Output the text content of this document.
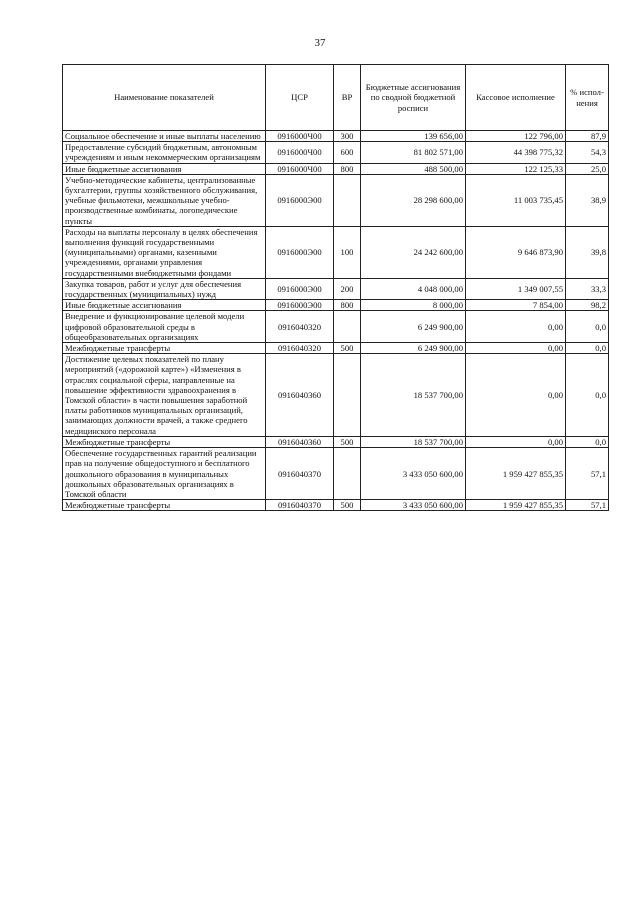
37
Наименование показателей	ЦСР	ВР	Бюджетные ассигнования по сводной бюджетной росписи	Кассовое исполнение	% испол-нения
Социальное обеспечение и иные выплаты населению	0916000Ч00	300	139 656,00	122 796,00	87,9
Предоставление субсидий бюджетным, автономным учреждениям и иным некоммерческим организациям	0916000Ч00	600	81 802 571,00	44 398 775,32	54,3
Иные бюджетные ассигнования	0916000Ч00	800	488 500,00	122 125,33	25,0
Учебно-методические кабинеты, централизованные бухгалтерии, группы хозяйственного обслуживания, учебные фильмотеки, межшкольные учебно-производственные комбинаты, логопедические пункты	0916000Э00		28 298 600,00	11 003 735,45	38,9
Расходы на выплаты персоналу в целях обеспечения выполнения функций государственными (муниципальными) органами, казенными учреждениями, органами управления государственными внебюджетными фондами	0916000Э00	100	24 242 600,00	9 646 873,90	39,8
Закупка товаров, работ и услуг для обеспечения государственных (муниципальных) нужд	0916000Э00	200	4 048 000,00	1 349 007,55	33,3
Иные бюджетные ассигнования	0916000Э00	800	8 000,00	7 854,00	98,2
Внедрение и функционирование целевой модели цифровой образовательной среды в общеобразовательных организациях	0916040320		6 249 900,00	0,00	0,0
Межбюджетные трансферты	0916040320	500	6 249 900,00	0,00	0,0
Достижение целевых показателей по плану мероприятий («дорожной карте») «Изменения в отраслях социальной сферы, направленные на повышение эффективности здравоохранения в Томской области» в части повышения заработной платы работников муниципальных организаций, занимающих должности врачей, а также среднего медицинского персонала	0916040360		18 537 700,00	0,00	0,0
Межбюджетные трансферты	0916040360	500	18 537 700,00	0,00	0,0
Обеспечение государственных гарантий реализации прав на получение общедоступного и бесплатного дошкольного образования в муниципальных дошкольных образовательных организациях в Томской области	0916040370		3 433 050 600,00	1 959 427 855,35	57,1
Межбюджетные трансферты	0916040370	500	3 433 050 600,00	1 959 427 855,35	57,1
